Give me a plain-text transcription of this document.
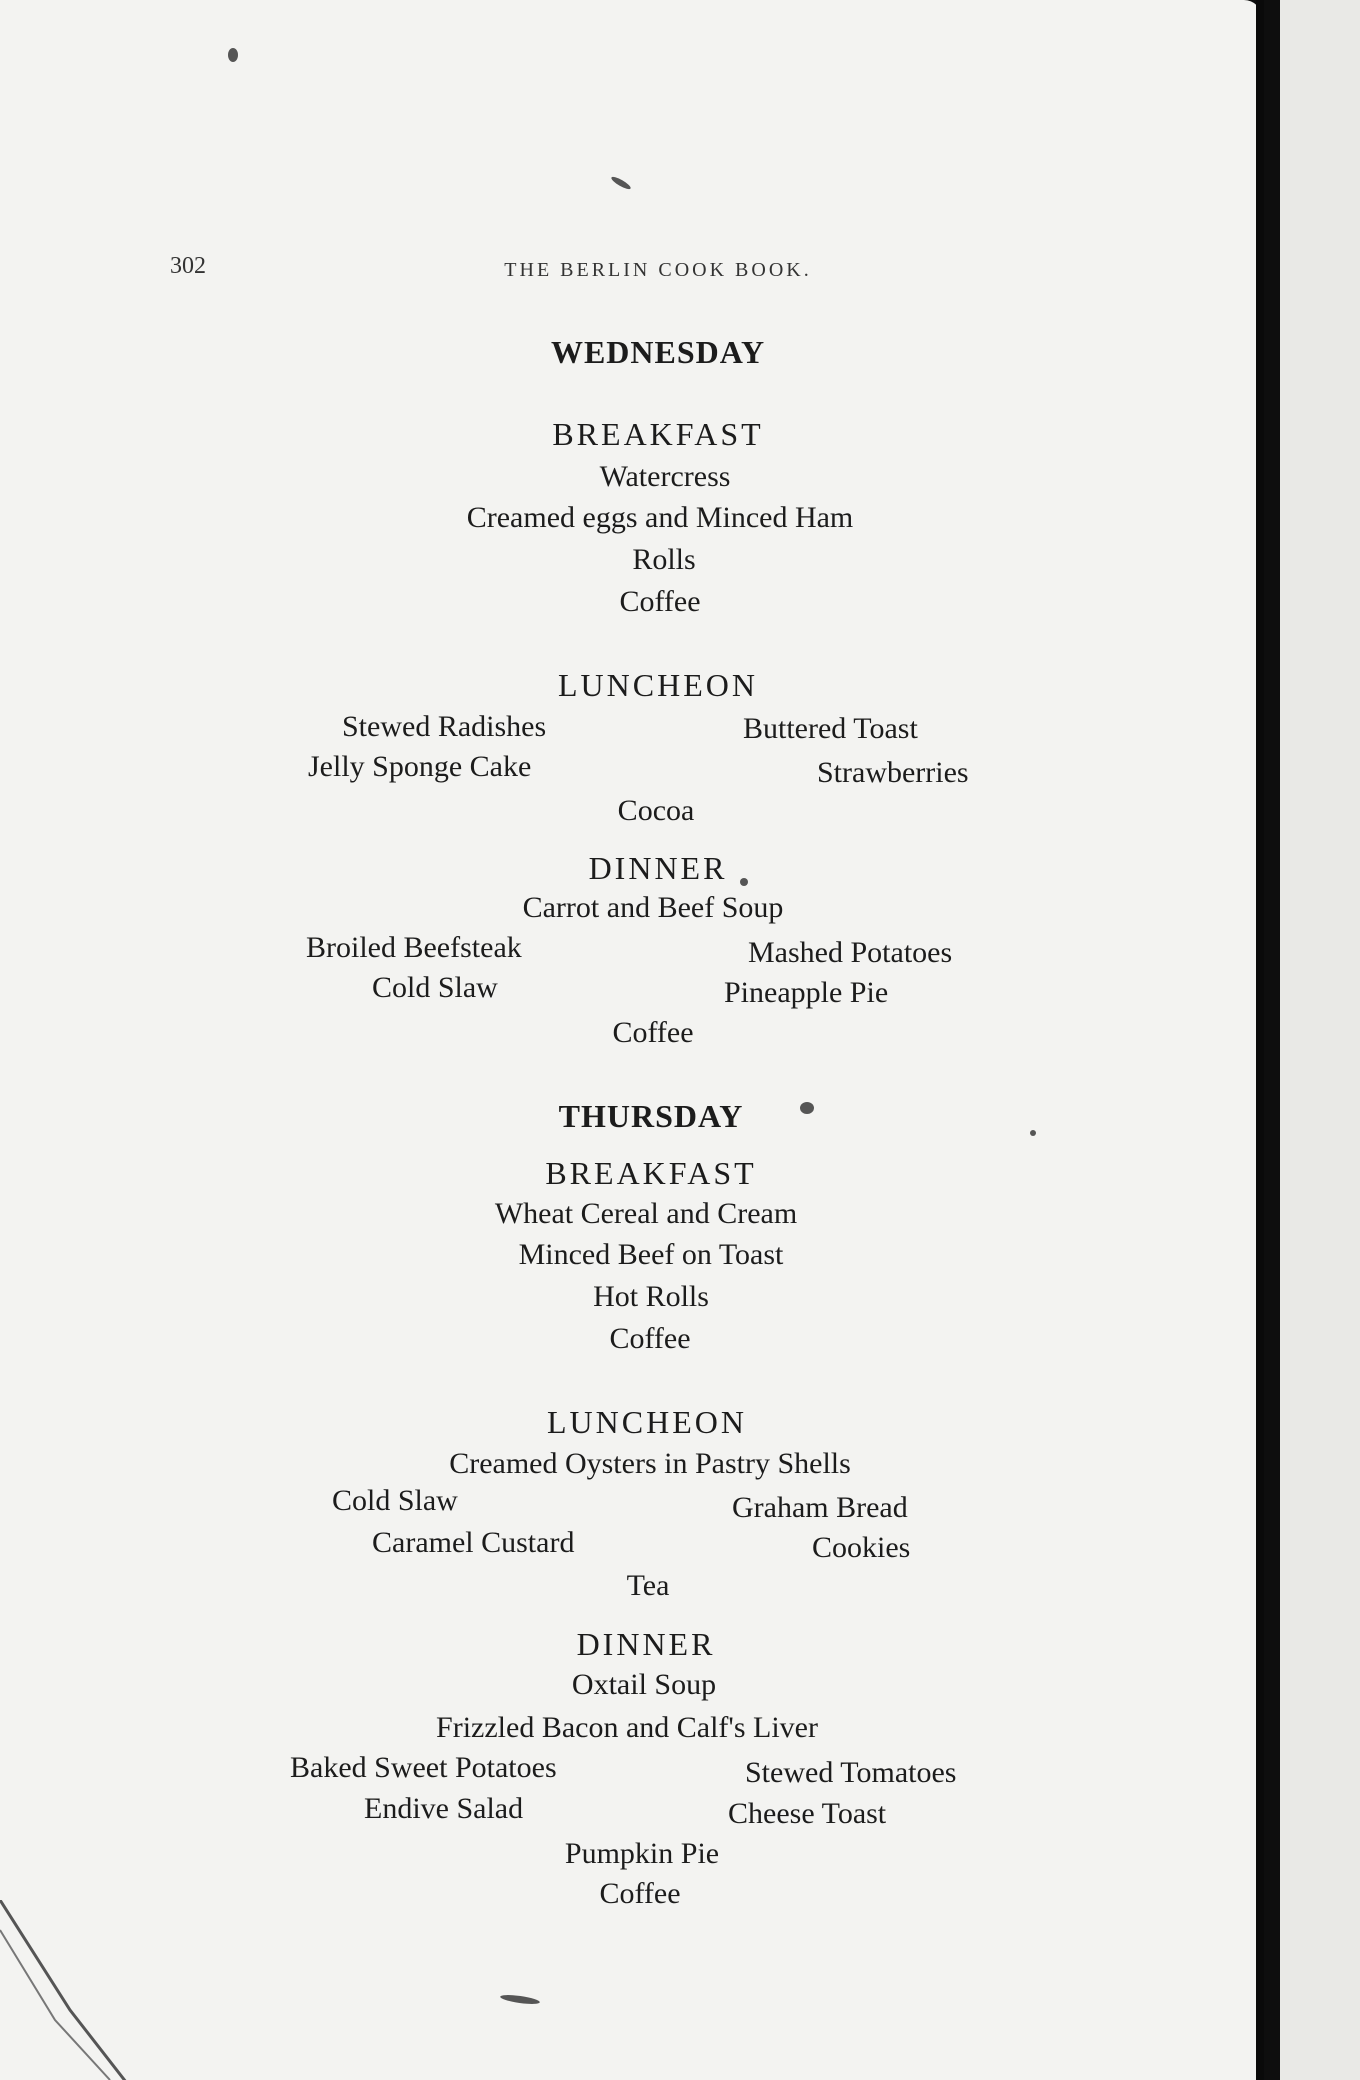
302	THE BERLIN COOK BOOK.

WEDNESDAY

BREAKFAST

Watercress

Creamed eggs and Minced Ham

Rolls

Coffee

LUNCHEON

Stewed Radishes	Buttered Toast

Jelly Sponge Cake	Strawberries

Cocoa

DINNER

Carrot and Beef Soup

Broiled Beefsteak	Mashed Potatoes

Cold Slaw	Pineapple Pie

Coffee

THURSDAY

BREAKFAST

Wheat Cereal and Cream

Minced Beef on Toast

Hot Rolls

Coffee

LUNCHEON

Creamed Oysters in Pastry Shells

Cold Slaw	Graham Bread

Caramel Custard	Cookies

Tea

DINNER

Oxtail Soup

Frizzled Bacon and Calf's Liver

Baked Sweet Potatoes	Stewed Tomatoes

Endive Salad	Cheese Toast

Pumpkin Pie

Coffee
